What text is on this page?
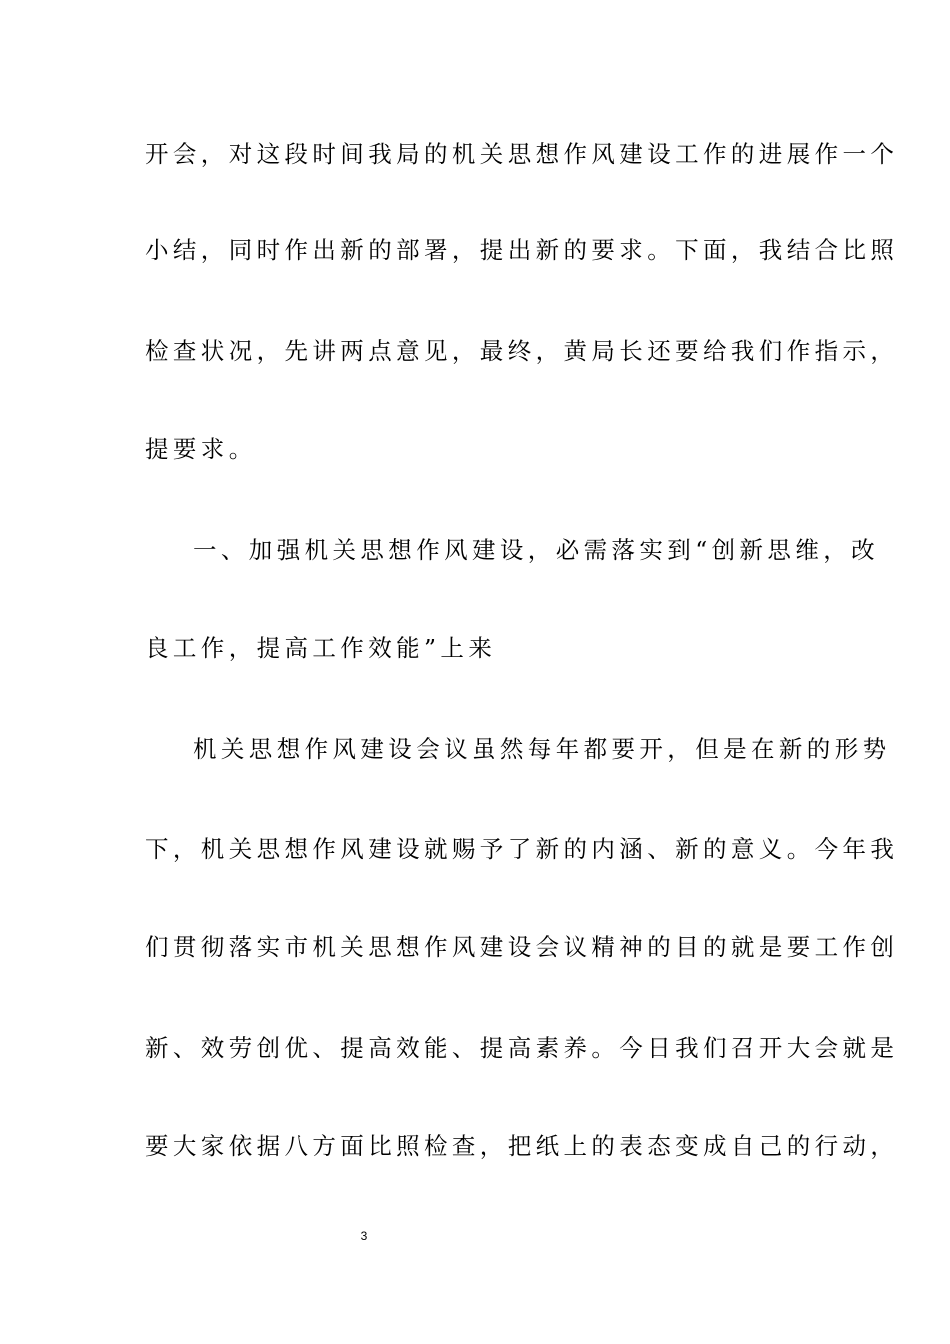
开会，对这段时间我局的机关思想作风建设工作的进展作一个
小结，同时作出新的部署，提出新的要求。下面，我结合比照
检查状况，先讲两点意见，最终，黄局长还要给我们作指示，
提要求。
一、加强机关思想作风建设，必需落实到“创新思维，改
良工作，提高工作效能”上来
机关思想作风建设会议虽然每年都要开，但是在新的形势
下，机关思想作风建设就赐予了新的内涵、新的意义。今年我
们贯彻落实市机关思想作风建设会议精神的目的就是要工作创
新、效劳创优、提高效能、提高素养。今日我们召开大会就是
要大家依据八方面比照检查，把纸上的表态变成自己的行动，
3
